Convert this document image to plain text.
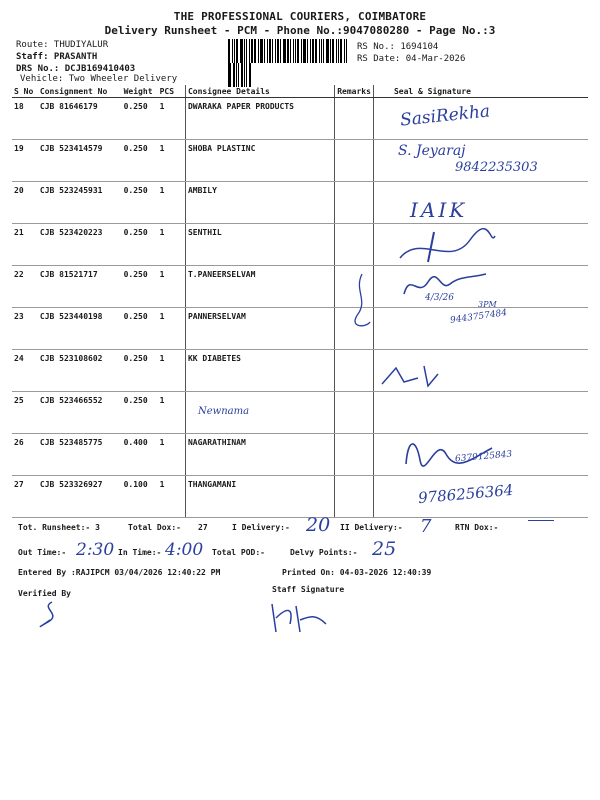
THE PROFESSIONAL COURIERS, COIMBATORE
Delivery Runsheet - PCM - Phone No.:9047080280 - Page No.:3
Route: THUDIYALUR
Staff: PRASANTH
DRS No.: DCJB169410403
Vehicle: Two Wheeler Delivery
RS No.: 1694104
RS Date: 04-Mar-2026
S No	Consignment No	Weight	PCS	Consignee Details	Remarks	Seal & Signature
18	CJB 81646179	0.250	1	DWARAKA PAPER PRODUCTS		
19	CJB 523414579	0.250	1	SHOBA PLASTINC		
20	CJB 523245931	0.250	1	AMBILY		
21	CJB 523420223	0.250	1	SENTHIL		
22	CJB 81521717	0.250	1	T.PANEERSELVAM		
23	CJB 523440198	0.250	1	PANNERSELVAM		
24	CJB 523108602	0.250	1	KK DIABETES		
25	CJB 523466552	0.250	1			
26	CJB 523485775	0.400	1	NAGARATHINAM		
27	CJB 523326927	0.100	1	THANGAMANI		
SasiRekha
S. Jeyaraj
9842235303
IAIK
4/3/26
3PM
9443757484
Newnama
6379125843
9786256364
Tot. Runsheet:- 3	Total Dox:- 27	I Delivery:- 20 II Delivery:- 7	RTN Dox:-
Out Time:- 2:30 In Time:- 4:00 Total POD:-	Delvy Points:- 25
Entered By :RAJIPCM 03/04/2026 12:40:22 PM	Printed On: 04-03-2026 12:40:39
Verified By	Staff Signature
